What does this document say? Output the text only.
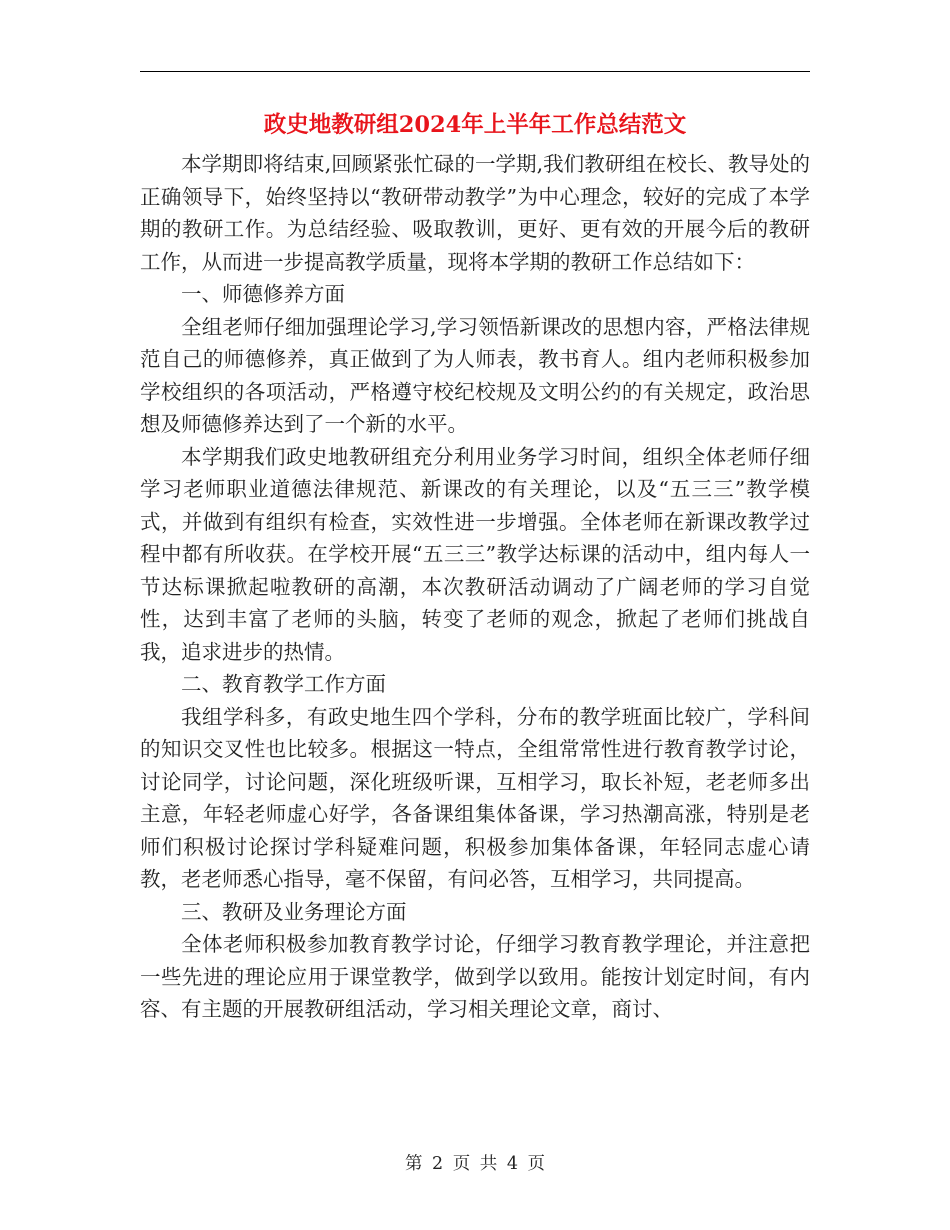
政史地教研组2024年上半年工作总结范文

本学期即将结束,回顾紧张忙碌的一学期,我们教研组在校长、教导处的正确领导下，始终坚持以“教研带动教学”为中心理念，较好的完成了本学期的教研工作。为总结经验、吸取教训，更好、更有效的开展今后的教研工作，从而进一步提高教学质量，现将本学期的教研工作总结如下：

一、师德修养方面

全组老师仔细加强理论学习,学习领悟新课改的思想内容，严格法律规范自己的师德修养，真正做到了为人师表，教书育人。组内老师积极参加学校组织的各项活动，严格遵守校纪校规及文明公约的有关规定，政治思想及师德修养达到了一个新的水平。

本学期我们政史地教研组充分利用业务学习时间，组织全体老师仔细学习老师职业道德法律规范、新课改的有关理论，以及“五三三”教学模式，并做到有组织有检查，实效性进一步增强。全体老师在新课改教学过程中都有所收获。在学校开展“五三三”教学达标课的活动中，组内每人一节达标课掀起啦教研的高潮，本次教研活动调动了广阔老师的学习自觉性，达到丰富了老师的头脑，转变了老师的观念，掀起了老师们挑战自我，追求进步的热情。

二、教育教学工作方面

我组学科多，有政史地生四个学科，分布的教学班面比较广，学科间的知识交叉性也比较多。根据这一特点，全组常常性进行教育教学讨论，讨论同学，讨论问题，深化班级听课，互相学习，取长补短，老老师多出主意，年轻老师虚心好学，各备课组集体备课，学习热潮高涨，特别是老师们积极讨论探讨学科疑难问题，积极参加集体备课，年轻同志虚心请教，老老师悉心指导，毫不保留，有问必答，互相学习，共同提高。

三、教研及业务理论方面

全体老师积极参加教育教学讨论，仔细学习教育教学理论，并注意把一些先进的理论应用于课堂教学，做到学以致用。能按计划定时间，有内容、有主题的开展教研组活动，学习相关理论文章，商讨、

第 2 页 共 4 页
